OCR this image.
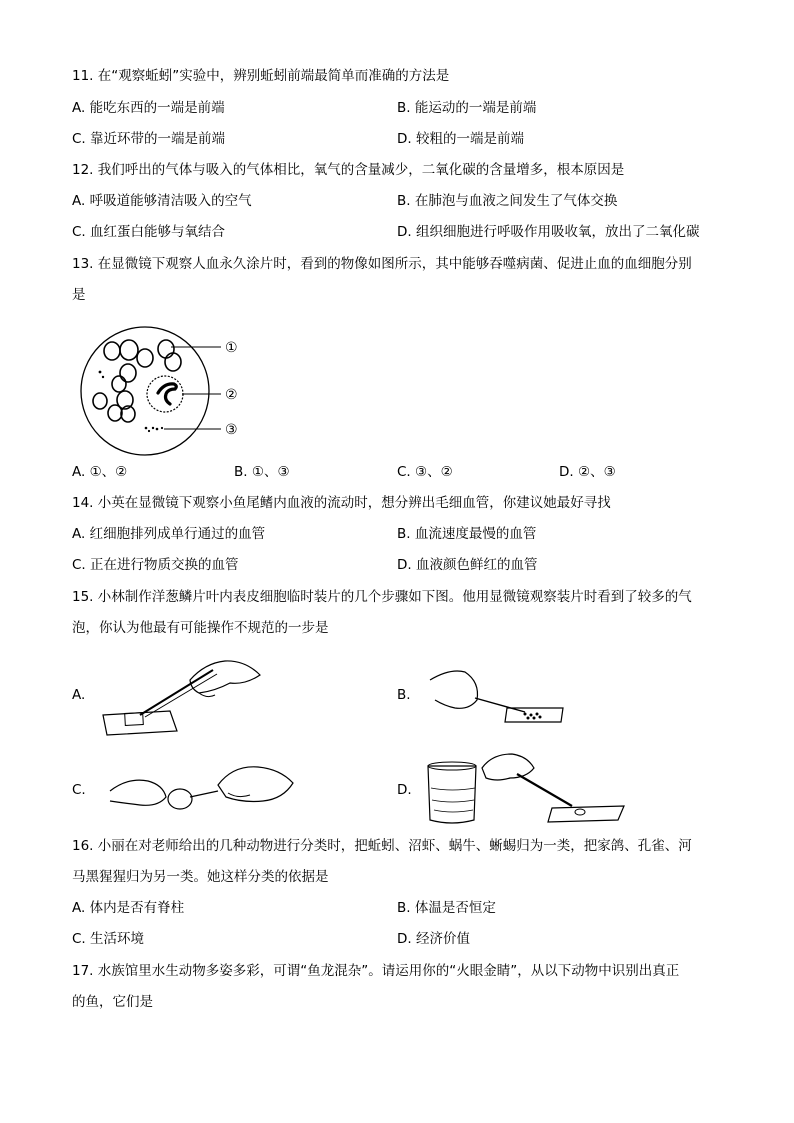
11. 在“观察蚯蚓”实验中，辨别蚯蚓前端最简单而准确的方法是
A. 能吃东西的一端是前端	B. 能运动的一端是前端
C. 靠近环带的一端是前端	D. 较粗的一端是前端
12. 我们呼出的气体与吸入的气体相比，氧气的含量减少，二氧化碳的含量增多，根本原因是
A. 呼吸道能够清洁吸入的空气	B. 在肺泡与血液之间发生了气体交换
C. 血红蛋白能够与氧结合	D. 组织细胞进行呼吸作用吸收氧，放出了二氧化碳
13. 在显微镜下观察人血永久涂片时，看到的物像如图所示，其中能够吞噬病菌、促进止血的血细胞分别
是
①
②
③
A. ①、②	B. ①、③	C. ③、②	D. ②、③
14. 小英在显微镜下观察小鱼尾鳍内血液的流动时，想分辨出毛细血管，你建议她最好寻找
A. 红细胞排列成单行通过的血管	B. 血流速度最慢的血管
C. 正在进行物质交换的血管	D. 血液颜色鲜红的血管
15. 小林制作洋葱鳞片叶内表皮细胞临时装片的几个步骤如下图。他用显微镜观察装片时看到了较多的气
泡，你认为他最有可能操作不规范的一步是
A.	B.
C.	D.
16. 小丽在对老师给出的几种动物进行分类时，把蚯蚓、沼虾、蜗牛、蜥蜴归为一类，把家鸽、孔雀、河
马黑猩猩归为另一类。她这样分类的依据是
A. 体内是否有脊柱	B. 体温是否恒定
C. 生活环境	D. 经济价值
17. 水族馆里水生动物多姿多彩，可谓“鱼龙混杂”。请运用你的“火眼金睛”，从以下动物中识别出真正
的鱼，它们是
